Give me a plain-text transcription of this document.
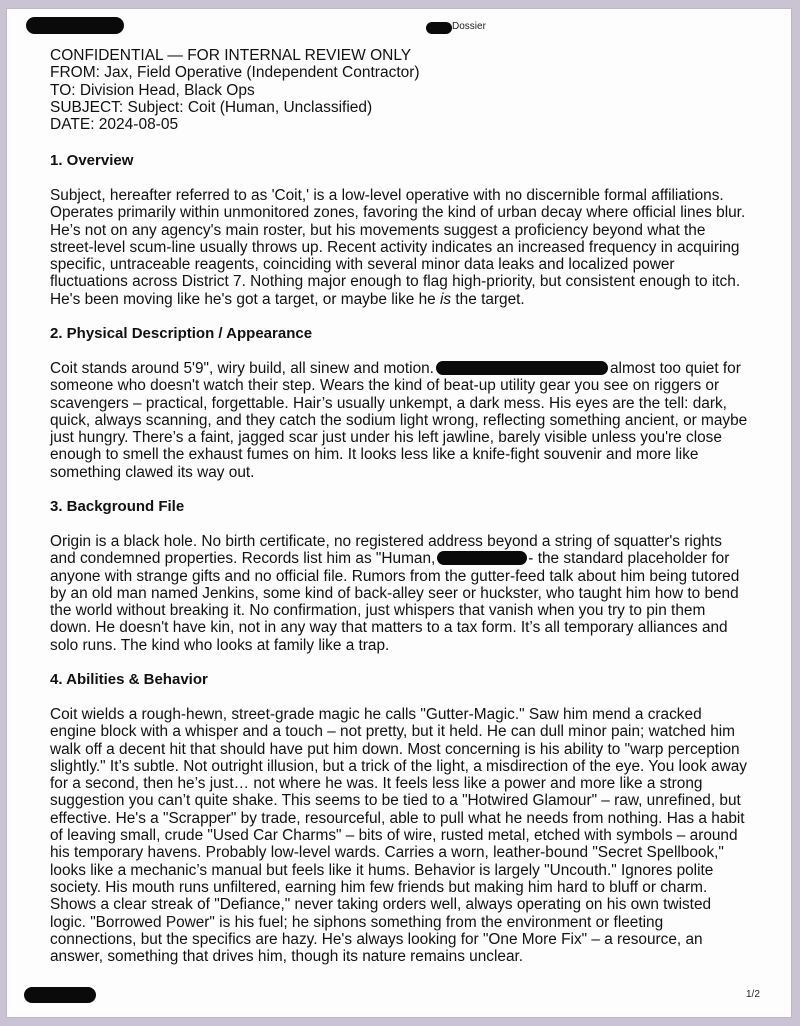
Dossier
CONFIDENTIAL — FOR INTERNAL REVIEW ONLY
FROM: Jax, Field Operative (Independent Contractor)
TO: Division Head, Black Ops
SUBJECT: Subject: Coit (Human, Unclassified)
DATE: 2024-08-05
1. Overview
Subject, hereafter referred to as 'Coit,' is a low-level operative with no discernible formal affiliations.
Operates primarily within unmonitored zones, favoring the kind of urban decay where official lines blur.
He’s not on any agency's main roster, but his movements suggest a proficiency beyond what the
street-level scum-line usually throws up. Recent activity indicates an increased frequency in acquiring
specific, untraceable reagents, coinciding with several minor data leaks and localized power
fluctuations across District 7. Nothing major enough to flag high-priority, but consistent enough to itch.
He's been moving like he's got a target, or maybe like he is the target.
2. Physical Description / Appearance
Coit stands around 5'9", wiry build, all sinew and motion.	almost too quiet for
someone who doesn't watch their step. Wears the kind of beat-up utility gear you see on riggers or
scavengers – practical, forgettable. Hair’s usually unkempt, a dark mess. His eyes are the tell: dark,
quick, always scanning, and they catch the sodium light wrong, reflecting something ancient, or maybe
just hungry. There’s a faint, jagged scar just under his left jawline, barely visible unless you're close
enough to smell the exhaust fumes on him. It looks less like a knife-fight souvenir and more like
something clawed its way out.
3. Background File
Origin is a black hole. No birth certificate, no registered address beyond a string of squatter's rights
and condemned properties. Records list him as "Human,	- the standard placeholder for
anyone with strange gifts and no official file. Rumors from the gutter-feed talk about him being tutored
by an old man named Jenkins, some kind of back-alley seer or huckster, who taught him how to bend
the world without breaking it. No confirmation, just whispers that vanish when you try to pin them
down. He doesn't have kin, not in any way that matters to a tax form. It’s all temporary alliances and
solo runs. The kind who looks at family like a trap.
4. Abilities & Behavior
Coit wields a rough-hewn, street-grade magic he calls "Gutter-Magic." Saw him mend a cracked
engine block with a whisper and a touch – not pretty, but it held. He can dull minor pain; watched him
walk off a decent hit that should have put him down. Most concerning is his ability to "warp perception
slightly." It’s subtle. Not outright illusion, but a trick of the light, a misdirection of the eye. You look away
for a second, then he’s just… not where he was. It feels less like a power and more like a strong
suggestion you can’t quite shake. This seems to be tied to a "Hotwired Glamour" – raw, unrefined, but
effective. He's a "Scrapper" by trade, resourceful, able to pull what he needs from nothing. Has a habit
of leaving small, crude "Used Car Charms" – bits of wire, rusted metal, etched with symbols – around
his temporary havens. Probably low-level wards. Carries a worn, leather-bound "Secret Spellbook,"
looks like a mechanic’s manual but feels like it hums. Behavior is largely "Uncouth." Ignores polite
society. His mouth runs unfiltered, earning him few friends but making him hard to bluff or charm.
Shows a clear streak of "Defiance," never taking orders well, always operating on his own twisted
logic. "Borrowed Power" is his fuel; he siphons something from the environment or fleeting
connections, but the specifics are hazy. He's always looking for "One More Fix" – a resource, an
answer, something that drives him, though its nature remains unclear.
1/2
